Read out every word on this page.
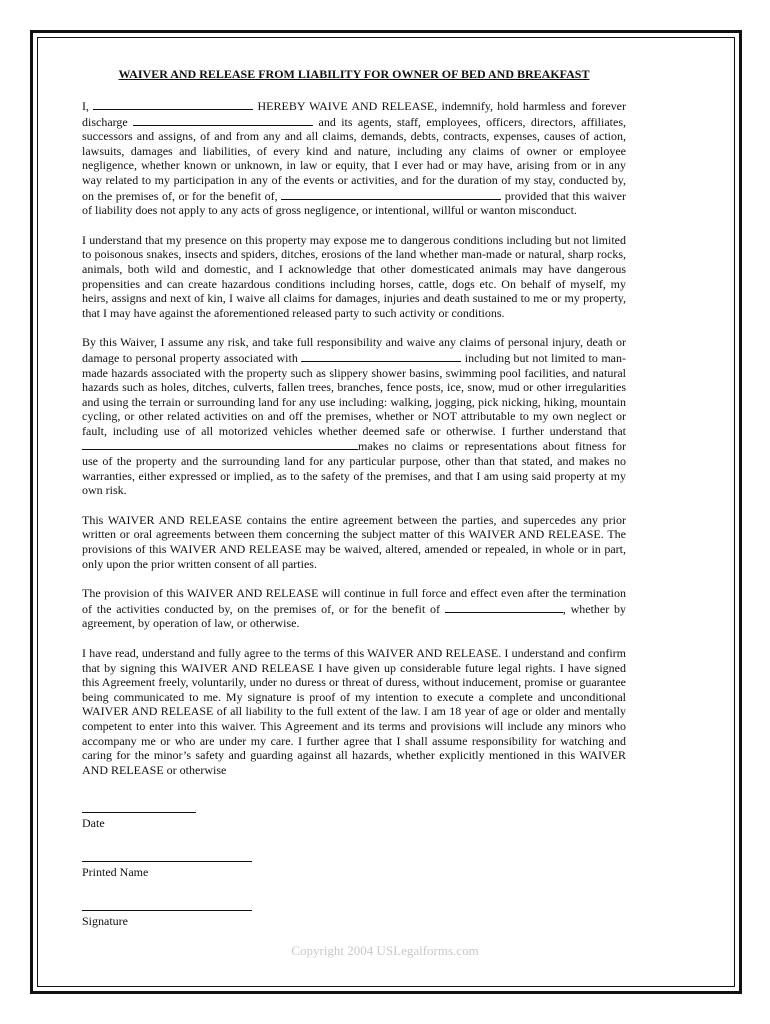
WAIVER AND RELEASE FROM LIABILITY FOR OWNER OF BED AND BREAKFAST

I,	HEREBY WAIVE AND RELEASE, indemnify, hold harmless and forever discharge	and its agents, staff, employees, officers, directors, affiliates, successors and assigns, of and from any and all claims, demands, debts, contracts, expenses, causes of action, lawsuits, damages and liabilities, of every kind and nature, including any claims of owner or employee negligence, whether known or unknown, in law or equity, that I ever had or may have, arising from or in any way related to my participation in any of the events or activities, and for the duration of my stay, conducted by, on the premises of, or for the benefit of,	provided that this waiver of liability does not apply to any acts of gross negligence, or intentional, willful or wanton misconduct.

I understand that my presence on this property may expose me to dangerous conditions including but not limited to poisonous snakes, insects and spiders, ditches, erosions of the land whether man-made or natural, sharp rocks, animals, both wild and domestic, and I acknowledge that other domesticated animals may have dangerous propensities and can create hazardous conditions including horses, cattle, dogs etc. On behalf of myself, my heirs, assigns and next of kin, I waive all claims for damages, injuries and death sustained to me or my property, that I may have against the aforementioned released party to such activity or conditions.

By this Waiver, I assume any risk, and take full responsibility and waive any claims of personal injury, death or damage to personal property associated with	including but not limited to man-made hazards associated with the property such as slippery shower basins, swimming pool facilities, and natural hazards such as holes, ditches, culverts, fallen trees, branches, fence posts, ice, snow, mud or other irregularities and using the terrain or surrounding land for any use including: walking, jogging, pick nicking, hiking, mountain cycling, or other related activities on and off the premises, whether or NOT attributable to my own neglect or fault, including use of all motorized vehicles whether deemed safe or otherwise. I further understand that makes no claims or representations about fitness for use of the property and the surrounding land for any particular purpose, other than that stated, and makes no warranties, either expressed or implied, as to the safety of the premises, and that I am using said property at my own risk.

This WAIVER AND RELEASE contains the entire agreement between the parties, and supercedes any prior written or oral agreements between them concerning the subject matter of this WAIVER AND RELEASE. The provisions of this WAIVER AND RELEASE may be waived, altered, amended or repealed, in whole or in part, only upon the prior written consent of all parties.

The provision of this WAIVER AND RELEASE will continue in full force and effect even after the termination of the activities conducted by, on the premises of, or for the benefit of	, whether by agreement, by operation of law, or otherwise.

I have read, understand and fully agree to the terms of this WAIVER AND RELEASE. I understand and confirm that by signing this WAIVER AND RELEASE I have given up considerable future legal rights. I have signed this Agreement freely, voluntarily, under no duress or threat of duress, without inducement, promise or guarantee being communicated to me. My signature is proof of my intention to execute a complete and unconditional WAIVER AND RELEASE of all liability to the full extent of the law. I am 18 year of age or older and mentally competent to enter into this waiver. This Agreement and its terms and provisions will include any minors who accompany me or who are under my care. I further agree that I shall assume responsibility for watching and caring for the minor’s safety and guarding against all hazards, whether explicitly mentioned in this WAIVER AND RELEASE or otherwise

Date
Printed Name
Signature
Copyright 2004 USLegalforms.com
